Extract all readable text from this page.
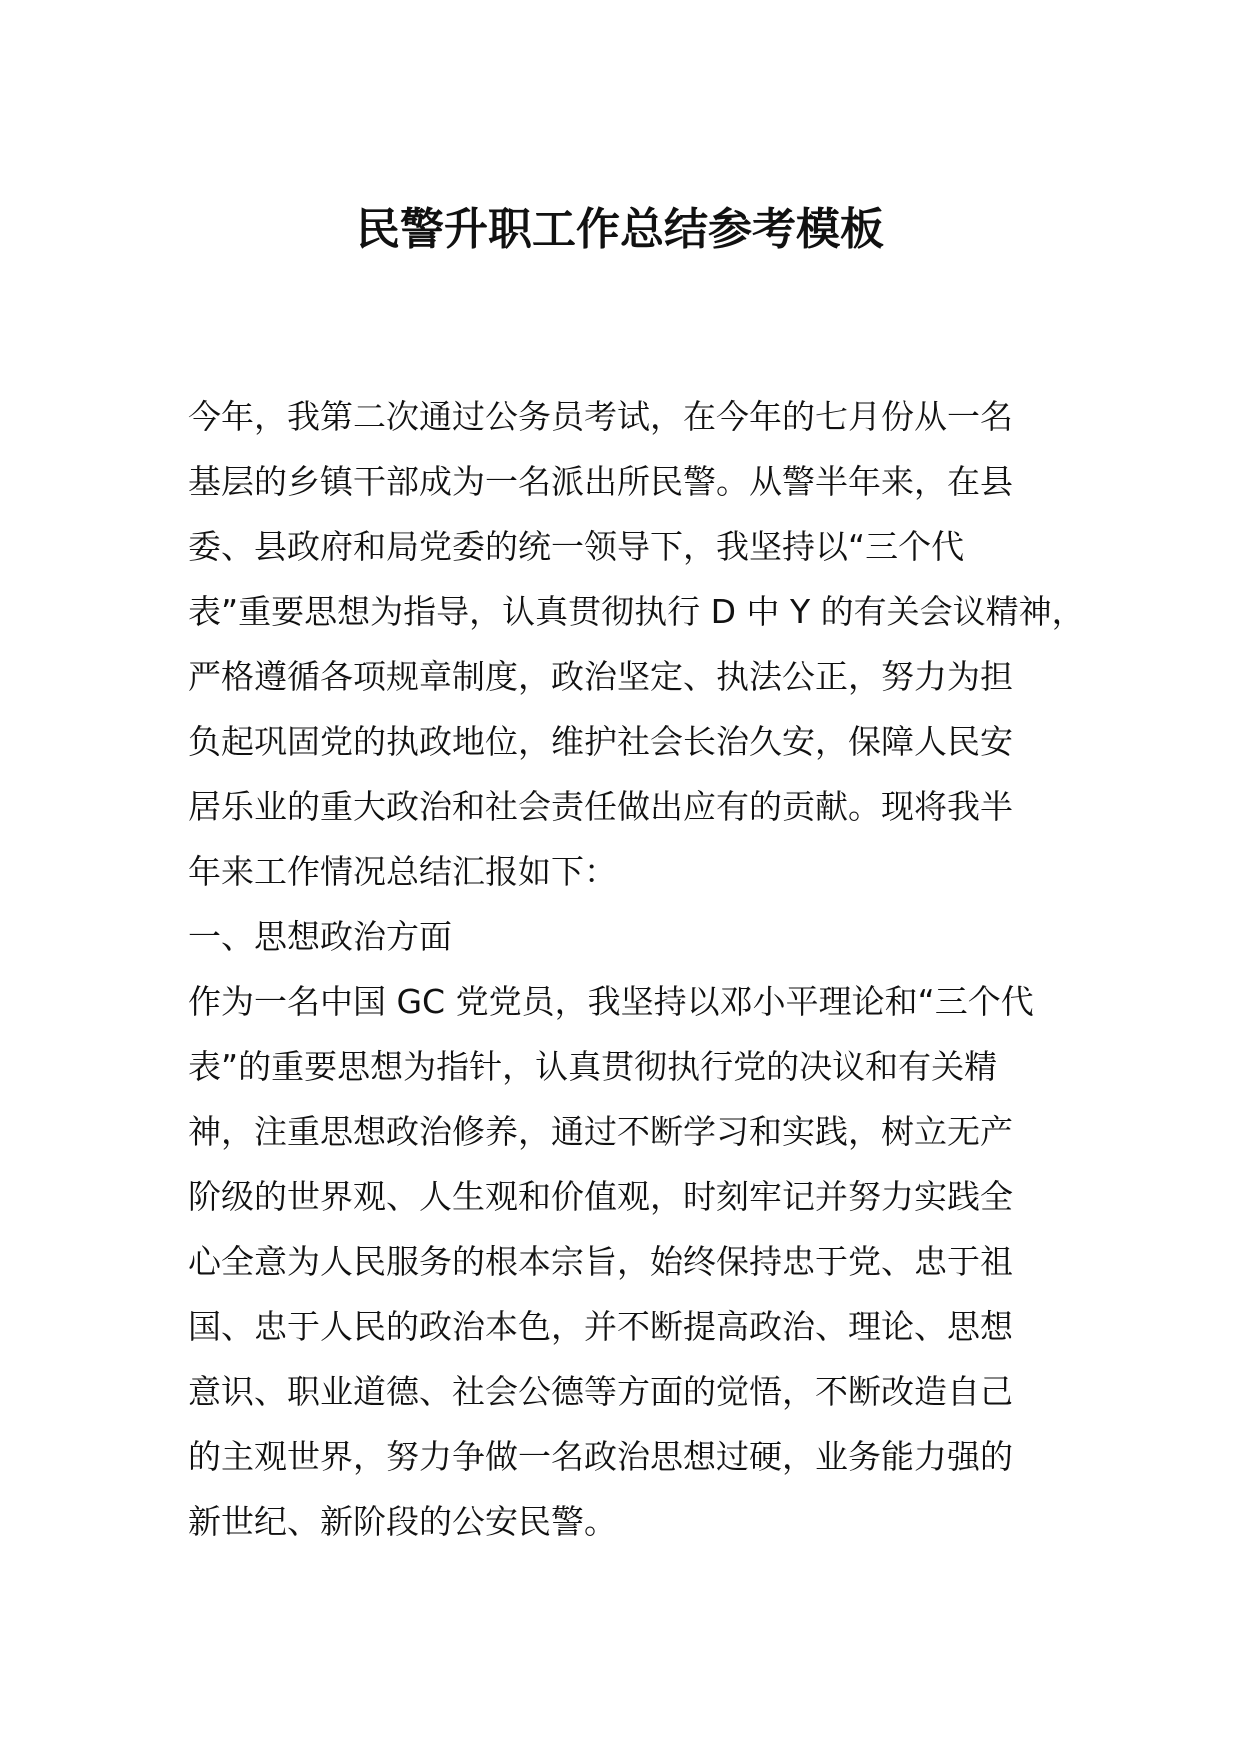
民警升职工作总结参考模板
今年，我第二次通过公务员考试，在今年的七月份从一名
基层的乡镇干部成为一名派出所民警。从警半年来，在县
委、县政府和局党委的统一领导下，我坚持以“三个代
表”重要思想为指导，认真贯彻执行 D 中 Y 的有关会议精神，
严格遵循各项规章制度，政治坚定、执法公正，努力为担
负起巩固党的执政地位，维护社会长治久安，保障人民安
居乐业的重大政治和社会责任做出应有的贡献。现将我半
年来工作情况总结汇报如下：
一、思想政治方面
作为一名中国 GC 党党员，我坚持以邓小平理论和“三个代
表”的重要思想为指针，认真贯彻执行党的决议和有关精
神，注重思想政治修养，通过不断学习和实践，树立无产
阶级的世界观、人生观和价值观，时刻牢记并努力实践全
心全意为人民服务的根本宗旨，始终保持忠于党、忠于祖
国、忠于人民的政治本色，并不断提高政治、理论、思想
意识、职业道德、社会公德等方面的觉悟，不断改造自己
的主观世界，努力争做一名政治思想过硬，业务能力强的
新世纪、新阶段的公安民警。
